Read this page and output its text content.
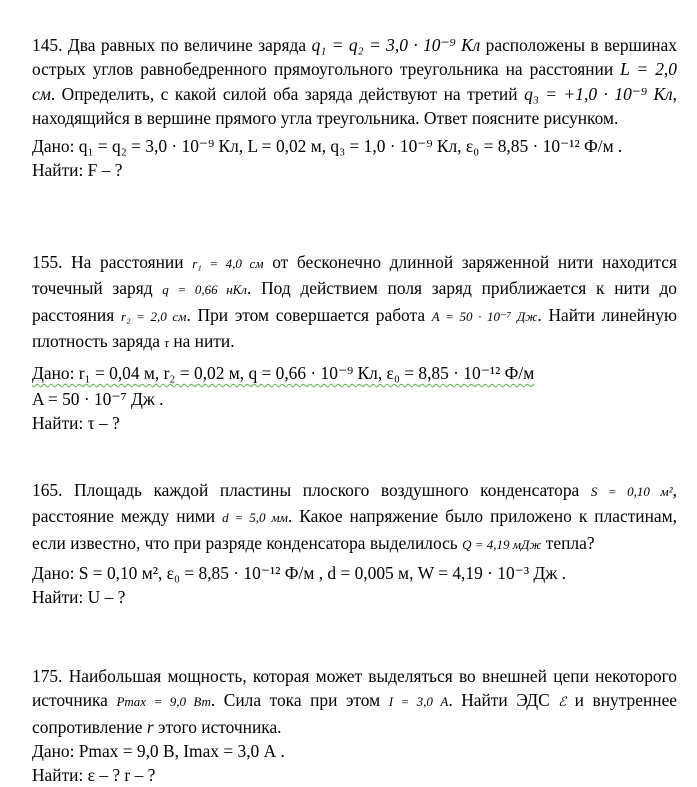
145. Два равных по величине заряда q₁ = q₂ = 3,0 · 10⁻⁹ Кл расположены в вершинах острых углов равнобедренного прямоугольного треугольника на расстоянии L = 2,0 см. Определить, с какой силой оба заряда действуют на третий q₃ = +1,0 · 10⁻⁹ Кл, находящийся в вершине прямого угла треугольника. Ответ поясните рисунком.

Дано: q₁ = q₂ = 3,0 · 10⁻⁹ Кл, L = 0,02 м, q₃ = 1,0 · 10⁻⁹ Кл, ε₀ = 8,85 · 10⁻¹² Ф/м .

Найти: F – ?

155. На расстоянии r₁ = 4,0 см от бесконечно длинной заряженной нити находится точечный заряд q = 0,66 нКл. Под действием поля заряд приближается к нити до расстояния r₂ = 2,0 см. При этом совершается работа A = 50 · 10⁻⁷ Дж. Найти линейную плотность заряда τ на нити.

Дано: r₁ = 0,04 м, r₂ = 0,02 м, q = 0,66 · 10⁻⁹ Кл, ε₀ = 8,85 · 10⁻¹² Ф/м

A = 50 · 10⁻⁷ Дж .

Найти: τ – ?

165. Площадь каждой пластины плоского воздушного конденсатора S = 0,10 м², расстояние между ними d = 5,0 мм. Какое напряжение было приложено к пластинам, если известно, что при разряде конденсатора выделилось Q = 4,19 мДж тепла?

Дано: S = 0,10 м², ε₀ = 8,85 · 10⁻¹² Ф/м , d = 0,005 м, W = 4,19 · 10⁻³ Дж .

Найти: U – ?

175. Наибольшая мощность, которая может выделяться во внешней цепи некоторого источника Pmax = 9,0 Вт. Сила тока при этом I = 3,0 А. Найти ЭДС ℰ и внутреннее сопротивление r этого источника.

Дано: Pmax = 9,0 В, Imax = 3,0 А .

Найти: ε – ? r – ?
